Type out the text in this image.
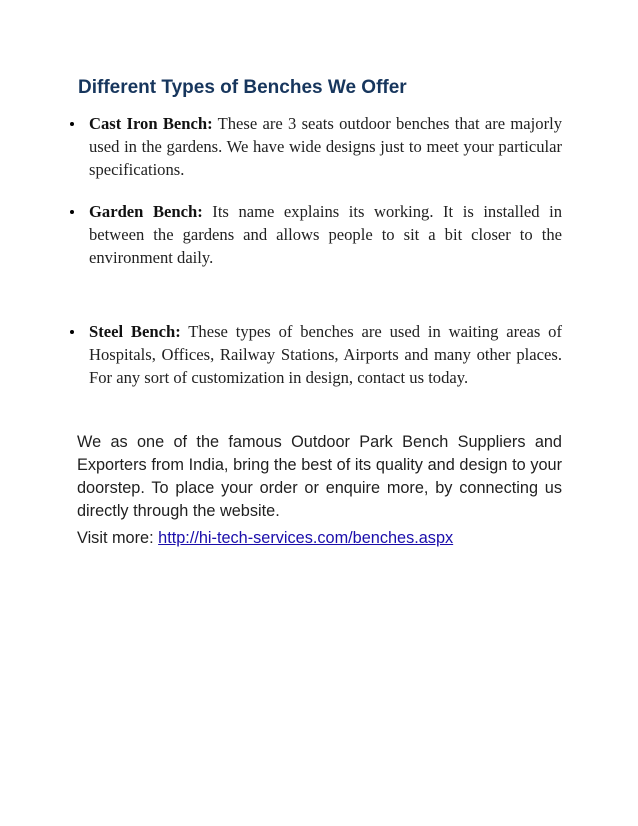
Different Types of Benches We Offer

Cast Iron Bench: These are 3 seats outdoor benches that are majorly used in the gardens. We have wide designs just to meet your particular specifications.

Garden Bench: Its name explains its working. It is installed in between the gardens and allows people to sit a bit closer to the environment daily.

Steel Bench: These types of benches are used in waiting areas of Hospitals, Offices, Railway Stations, Airports and many other places. For any sort of customization in design, contact us today.

We as one of the famous Outdoor Park Bench Suppliers and Exporters from India, bring the best of its quality and design to your doorstep. To place your order or enquire more, by connecting us directly through the website.

Visit more: http://hi-tech-services.com/benches.aspx
